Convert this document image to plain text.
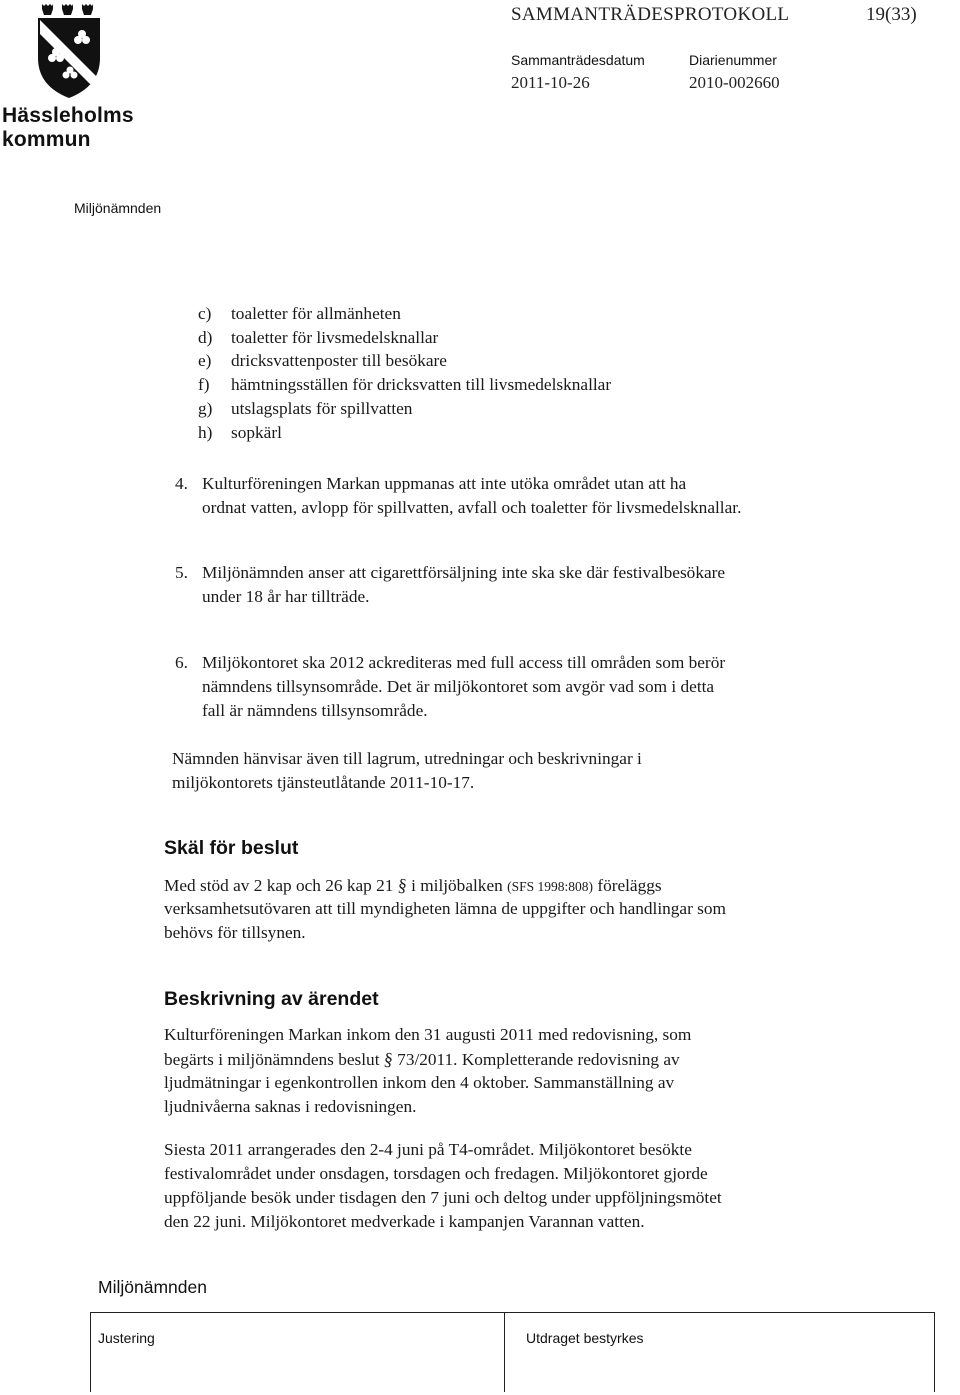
Hässleholms
kommun
SAMMANTRÄDESPROTOKOLL	19(33)
Sammanträdesdatum
2011-10-26
Diarienummer
2010-002660
Miljönämnden
c)	toaletter för allmänheten
d)	toaletter för livsmedelsknallar
e)	dricksvattenposter till besökare
f)	hämtningsställen för dricksvatten till livsmedelsknallar
g)	utslagsplats för spillvatten
h)	sopkärl
4. Kulturföreningen Markan uppmanas att inte utöka området utan att ha
ordnat vatten, avlopp för spillvatten, avfall och toaletter för livsmedelsknallar.
5. Miljönämnden anser att cigarettförsäljning inte ska ske där festivalbesökare
under 18 år har tillträde.
6. Miljökontoret ska 2012 ackrediteras med full access till områden som berör
nämndens tillsynsområde. Det är miljökontoret som avgör vad som i detta
fall är nämndens tillsynsområde.
Nämnden hänvisar även till lagrum, utredningar och beskrivningar i
miljökontorets tjänsteutlåtande 2011-10-17.
Skäl för beslut
Med stöd av 2 kap och 26 kap 21 § i miljöbalken (SFS 1998:808) föreläggs
verksamhetsutövaren att till myndigheten lämna de uppgifter och handlingar som
behövs för tillsynen.
Beskrivning av ärendet
Kulturföreningen Markan inkom den 31 augusti 2011 med redovisning, som
begärts i miljönämndens beslut § 73/2011. Kompletterande redovisning av
ljudmätningar i egenkontrollen inkom den 4 oktober. Sammanställning av
ljudnivåerna saknas i redovisningen.
Siesta 2011 arrangerades den 2-4 juni på T4-området. Miljökontoret besökte
festivalområdet under onsdagen, torsdagen och fredagen. Miljökontoret gjorde
uppföljande besök under tisdagen den 7 juni och deltog under uppföljningsmötet
den 22 juni. Miljökontoret medverkade i kampanjen Varannan vatten.
Miljönämnden
Justering	Utdraget bestyrkes
